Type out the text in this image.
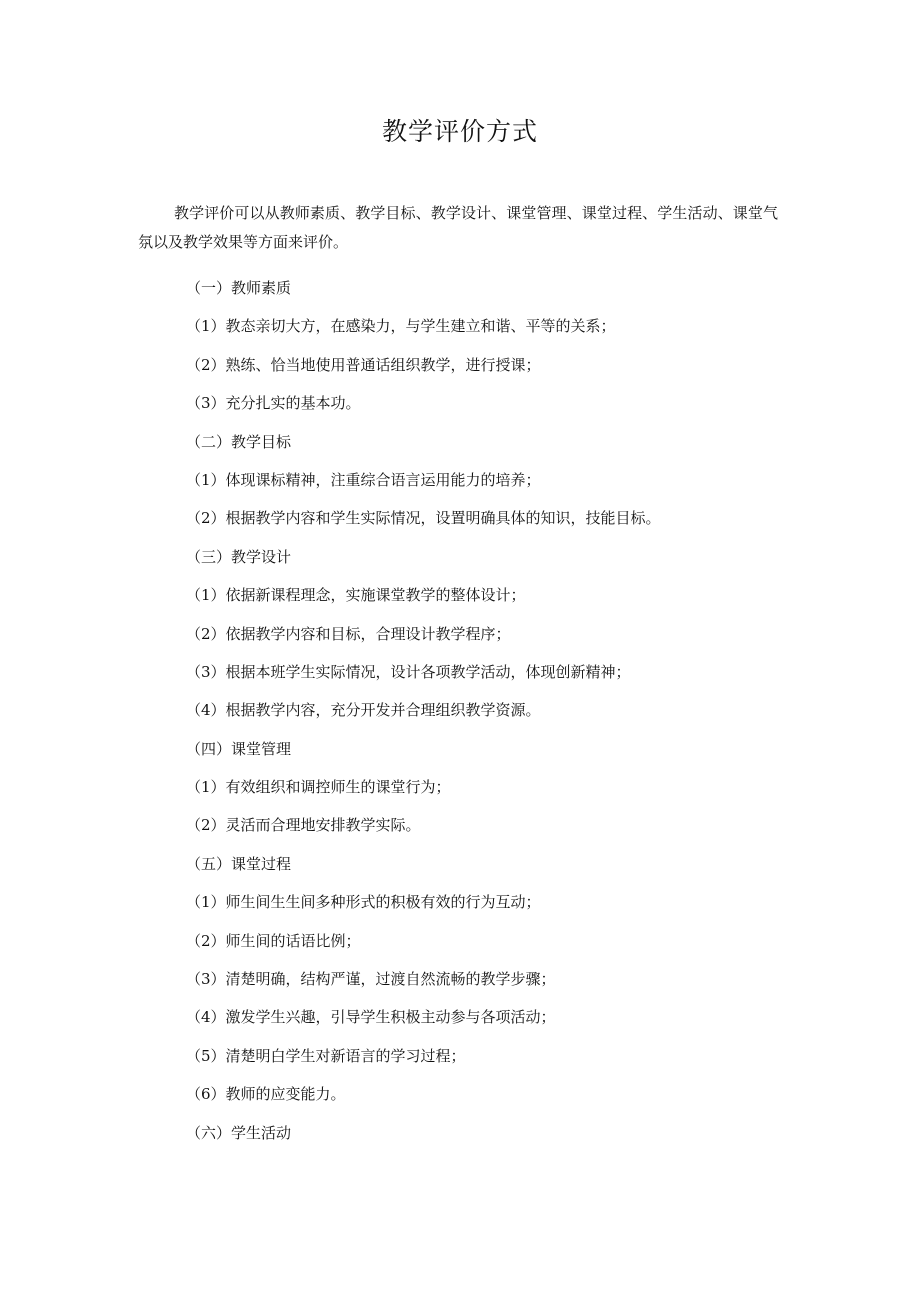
教学评价方式
教学评价可以从教师素质、教学目标、教学设计、课堂管理、课堂过程、学生活动、课堂气氛以及教学效果等方面来评价。
（一）教师素质
（1）教态亲切大方，在感染力，与学生建立和谐、平等的关系；
（2）熟练、恰当地使用普通话组织教学，进行授课；
（3）充分扎实的基本功。
（二）教学目标
（1）体现课标精神，注重综合语言运用能力的培养；
（2）根据教学内容和学生实际情况，设置明确具体的知识，技能目标。
（三）教学设计
（1）依据新课程理念，实施课堂教学的整体设计；
（2）依据教学内容和目标，合理设计教学程序；
（3）根据本班学生实际情况，设计各项教学活动，体现创新精神；
（4）根据教学内容，充分开发并合理组织教学资源。
（四）课堂管理
（1）有效组织和调控师生的课堂行为；
（2）灵活而合理地安排教学实际。
（五）课堂过程
（1）师生间生生间多种形式的积极有效的行为互动；
（2）师生间的话语比例；
（3）清楚明确，结构严谨，过渡自然流畅的教学步骤；
（4）激发学生兴趣，引导学生积极主动参与各项活动；
（5）清楚明白学生对新语言的学习过程；
（6）教师的应变能力。
（六）学生活动
